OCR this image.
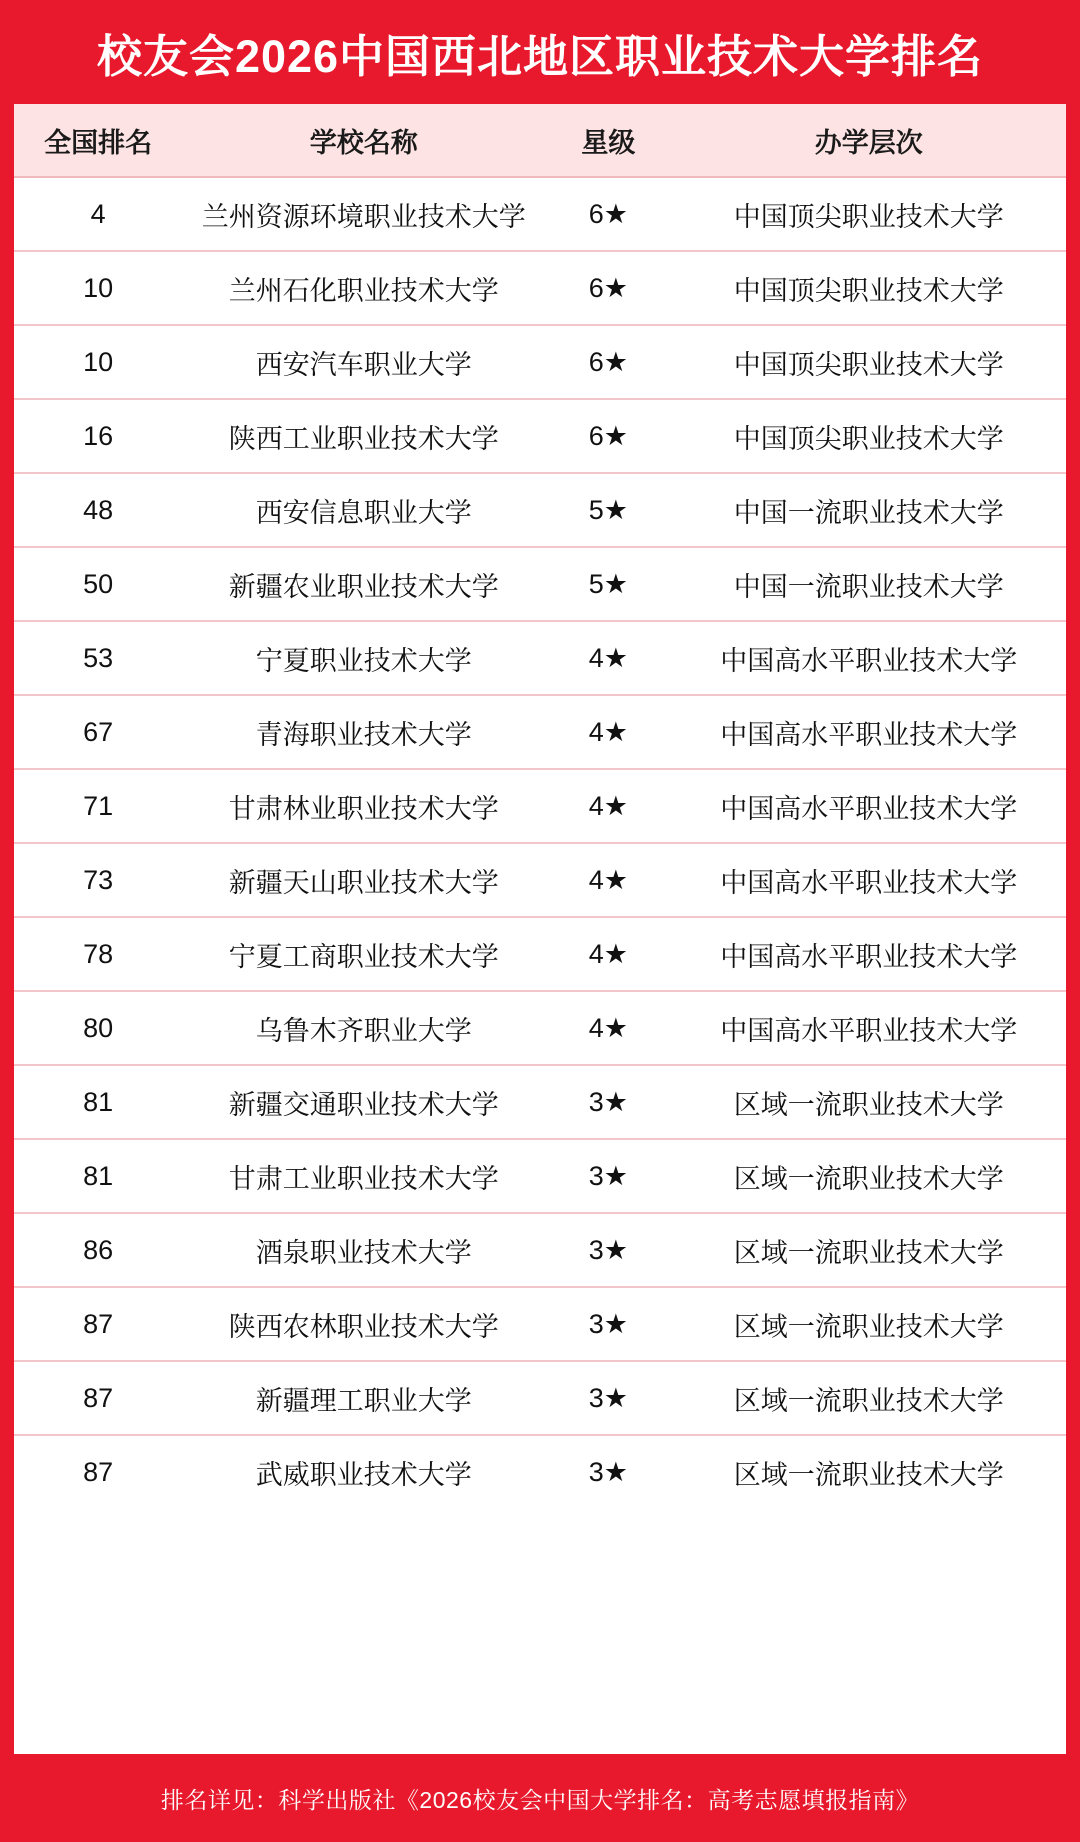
校友会2026中国西北地区职业技术大学排名
全国排名	学校名称	星级	办学层次
4	兰州资源环境职业技术大学	6★	中国顶尖职业技术大学
10	兰州石化职业技术大学	6★	中国顶尖职业技术大学
10	西安汽车职业大学	6★	中国顶尖职业技术大学
16	陕西工业职业技术大学	6★	中国顶尖职业技术大学
48	西安信息职业大学	5★	中国一流职业技术大学
50	新疆农业职业技术大学	5★	中国一流职业技术大学
53	宁夏职业技术大学	4★	中国高水平职业技术大学
67	青海职业技术大学	4★	中国高水平职业技术大学
71	甘肃林业职业技术大学	4★	中国高水平职业技术大学
73	新疆天山职业技术大学	4★	中国高水平职业技术大学
78	宁夏工商职业技术大学	4★	中国高水平职业技术大学
80	乌鲁木齐职业大学	4★	中国高水平职业技术大学
81	新疆交通职业技术大学	3★	区域一流职业技术大学
81	甘肃工业职业技术大学	3★	区域一流职业技术大学
86	酒泉职业技术大学	3★	区域一流职业技术大学
87	陕西农林职业技术大学	3★	区域一流职业技术大学
87	新疆理工职业大学	3★	区域一流职业技术大学
87	武威职业技术大学	3★	区域一流职业技术大学
排名详见：科学出版社《2026校友会中国大学排名：高考志愿填报指南》
